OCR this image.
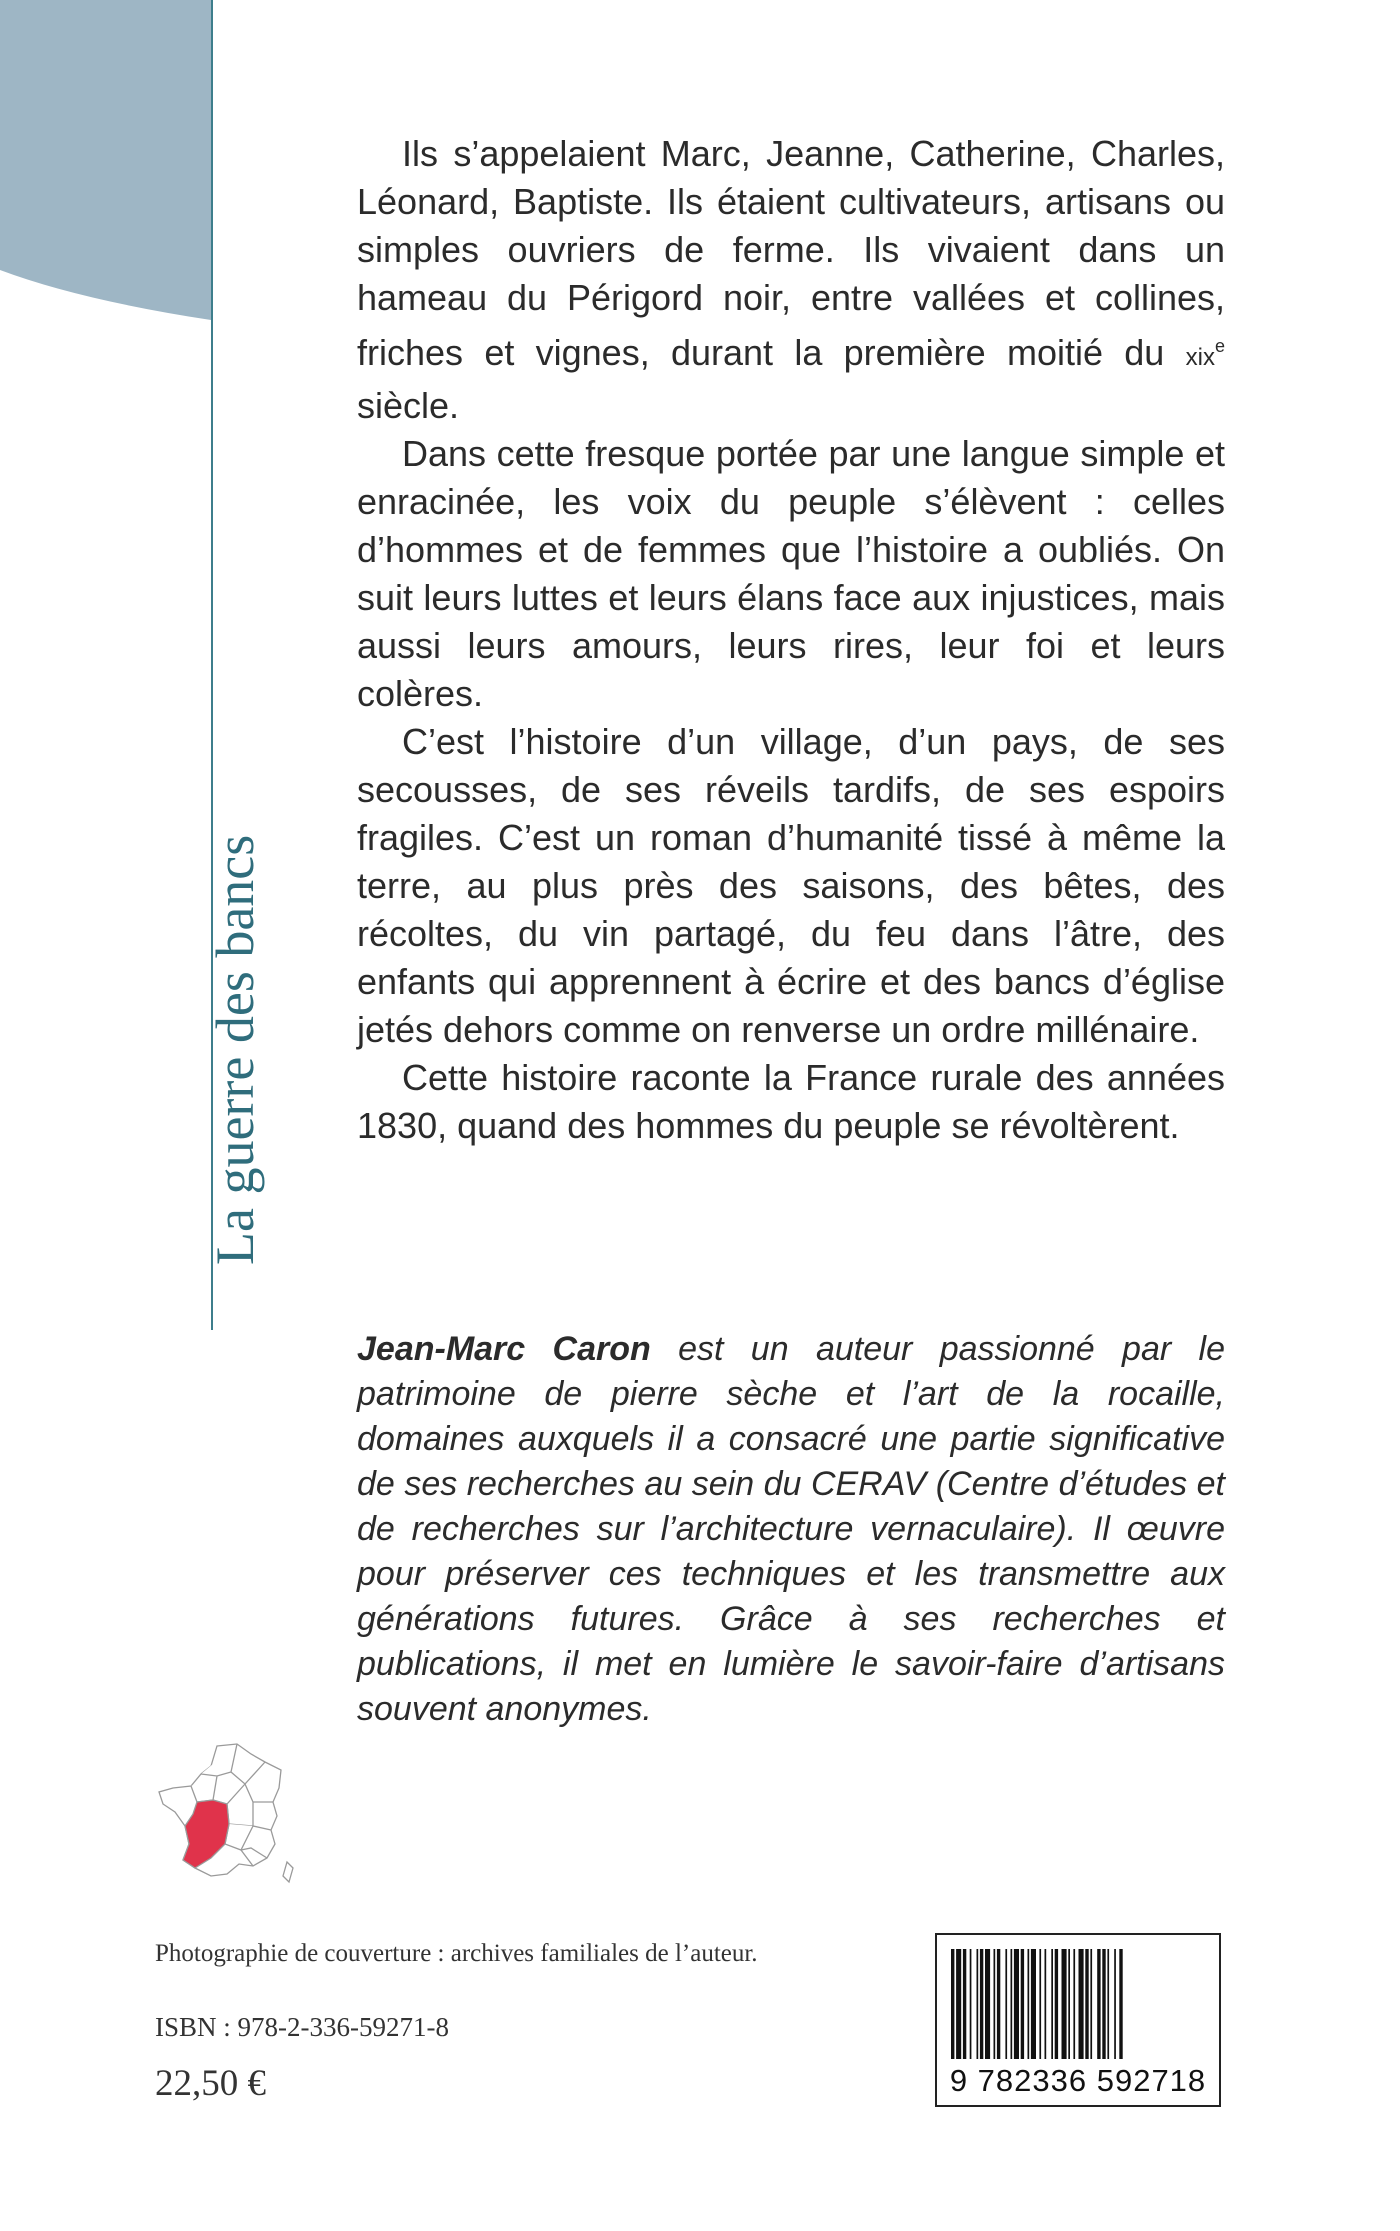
La guerre des bancs

Ils s’appelaient Marc, Jeanne, Catherine, Charles, Léonard, Baptiste. Ils étaient cultivateurs, artisans ou simples ouvriers de ferme. Ils vivaient dans un hameau du Périgord noir, entre vallées et collines, friches et vignes, durant la première moitié du xix$^e$ siècle.

Dans cette fresque portée par une langue simple et enracinée, les voix du peuple s’élèvent : celles d’hommes et de femmes que l’histoire a oubliés. On suit leurs luttes et leurs élans face aux injustices, mais aussi leurs amours, leurs rires, leur foi et leurs colères.

C’est l’histoire d’un village, d’un pays, de ses secousses, de ses réveils tardifs, de ses espoirs fragiles. C’est un roman d’humanité tissé à même la terre, au plus près des saisons, des bêtes, des récoltes, du vin partagé, du feu dans l’âtre, des enfants qui apprennent à écrire et des bancs d’église jetés dehors comme on renverse un ordre millénaire.

Cette histoire raconte la France rurale des années 1830, quand des hommes du peuple se révoltèrent.

Jean-Marc Caron est un auteur passionné par le patrimoine de pierre sèche et l’art de la rocaille, domaines auxquels il a consacré une partie significative de ses recherches au sein du CERAV (Centre d’études et de recherches sur l’architecture vernaculaire). Il œuvre pour préserver ces techniques et les transmettre aux générations futures. Grâce à ses recherches et publications, il met en lumière le savoir-faire d’artisans souvent anonymes.
Photographie de couverture : archives familiales de l’auteur.
ISBN : 978-2-336-59271-8
22,50 €	9 782336 592718
